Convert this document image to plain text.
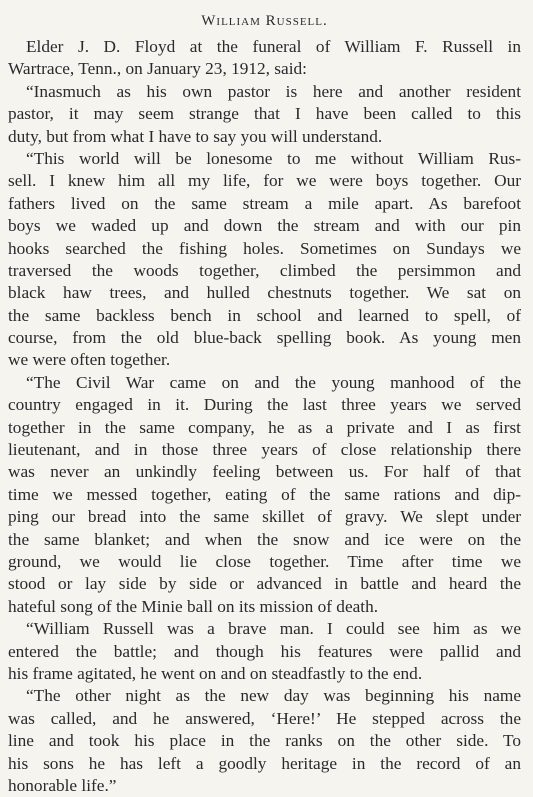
William Russell.
Elder J. D. Floyd at the funeral of William F. Russell in
Wartrace, Tenn., on January 23, 1912, said:
“Inasmuch as his own pastor is here and another resident
pastor, it may seem strange that I have been called to this
duty, but from what I have to say you will understand.
“This world will be lonesome to me without William Rus-
sell. I knew him all my life, for we were boys together. Our
fathers lived on the same stream a mile apart. As barefoot
boys we waded up and down the stream and with our pin
hooks searched the fishing holes. Sometimes on Sundays we
traversed the woods together, climbed the persimmon and
black haw trees, and hulled chestnuts together. We sat on
the same backless bench in school and learned to spell, of
course, from the old blue-back spelling book. As young men
we were often together.
“The Civil War came on and the young manhood of the
country engaged in it. During the last three years we served
together in the same company, he as a private and I as first
lieutenant, and in those three years of close relationship there
was never an unkindly feeling between us. For half of that
time we messed together, eating of the same rations and dip-
ping our bread into the same skillet of gravy. We slept under
the same blanket; and when the snow and ice were on the
ground, we would lie close together. Time after time we
stood or lay side by side or advanced in battle and heard the
hateful song of the Minie ball on its mission of death.
“William Russell was a brave man. I could see him as we
entered the battle; and though his features were pallid and
his frame agitated, he went on and on steadfastly to the end.
“The other night as the new day was beginning his name
was called, and he answered, ‘Here!’ He stepped across the
line and took his place in the ranks on the other side. To
his sons he has left a goodly heritage in the record of an
honorable life.”
